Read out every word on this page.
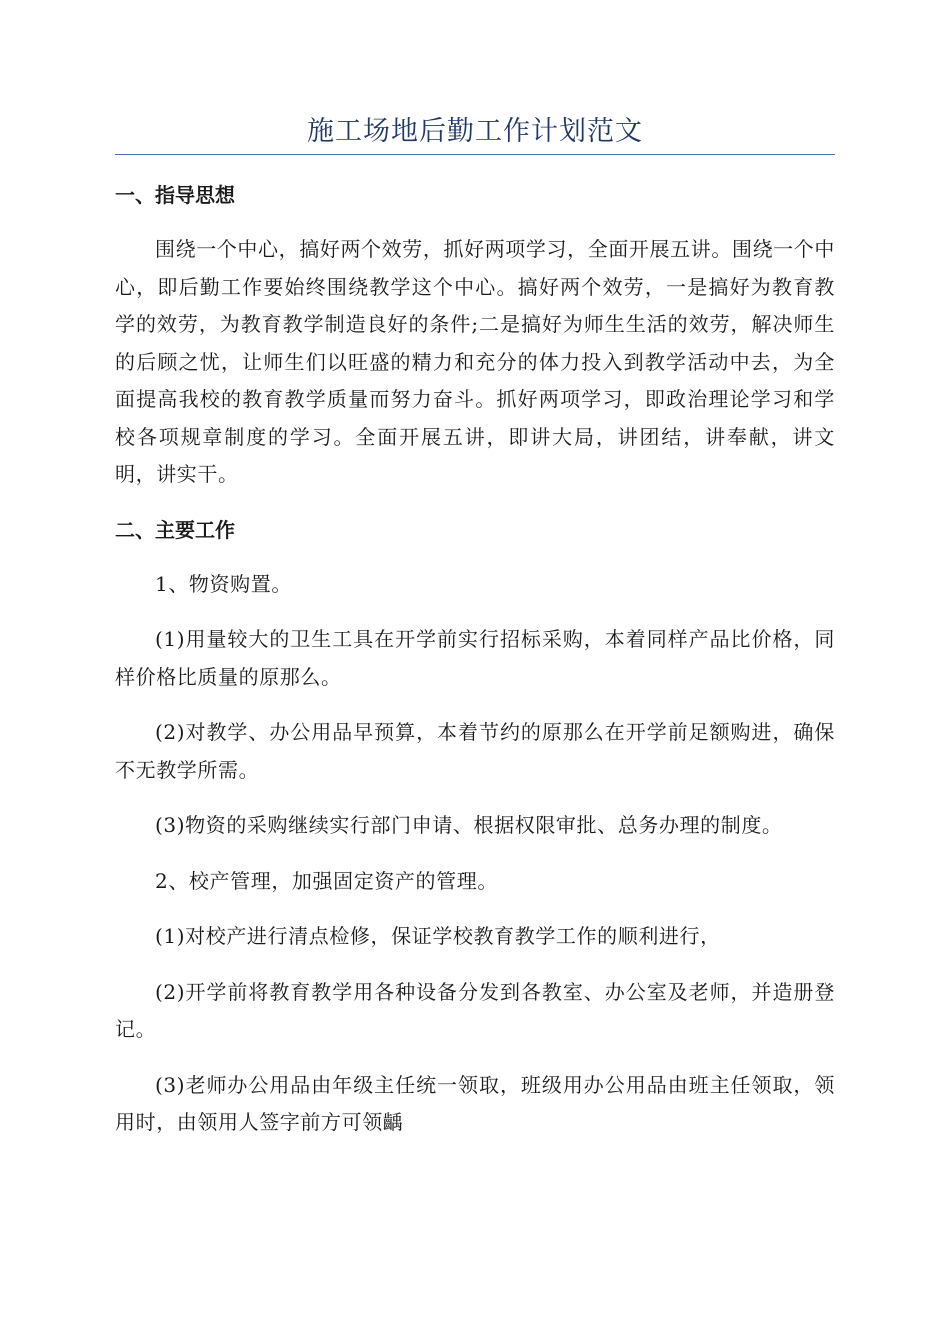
施工场地后勤工作计划范文
一、指导思想

围绕一个中心，搞好两个效劳，抓好两项学习，全面开展五讲。围绕一个中心，即后勤工作要始终围绕教学这个中心。搞好两个效劳，一是搞好为教育教学的效劳，为教育教学制造良好的条件;二是搞好为师生生活的效劳，解决师生的后顾之忧，让师生们以旺盛的精力和充分的体力投入到教学活动中去，为全面提高我校的教育教学质量而努力奋斗。抓好两项学习，即政治理论学习和学校各项规章制度的学习。全面开展五讲，即讲大局，讲团结，讲奉献，讲文明，讲实干。

二、主要工作

1、物资购置。

(1)用量较大的卫生工具在开学前实行招标采购，本着同样产品比价格，同样价格比质量的原那么。

(2)对教学、办公用品早预算，本着节约的原那么在开学前足额购进，确保不无教学所需。

(3)物资的采购继续实行部门申请、根据权限审批、总务办理的制度。

2、校产管理，加强固定资产的管理。

(1)对校产进行清点检修，保证学校教育教学工作的顺利进行，

(2)开学前将教育教学用各种设备分发到各教室、办公室及老师，并造册登记。

(3)老师办公用品由年级主任统一领取，班级用办公用品由班主任领取，领用时，由领用人签字前方可领齲
